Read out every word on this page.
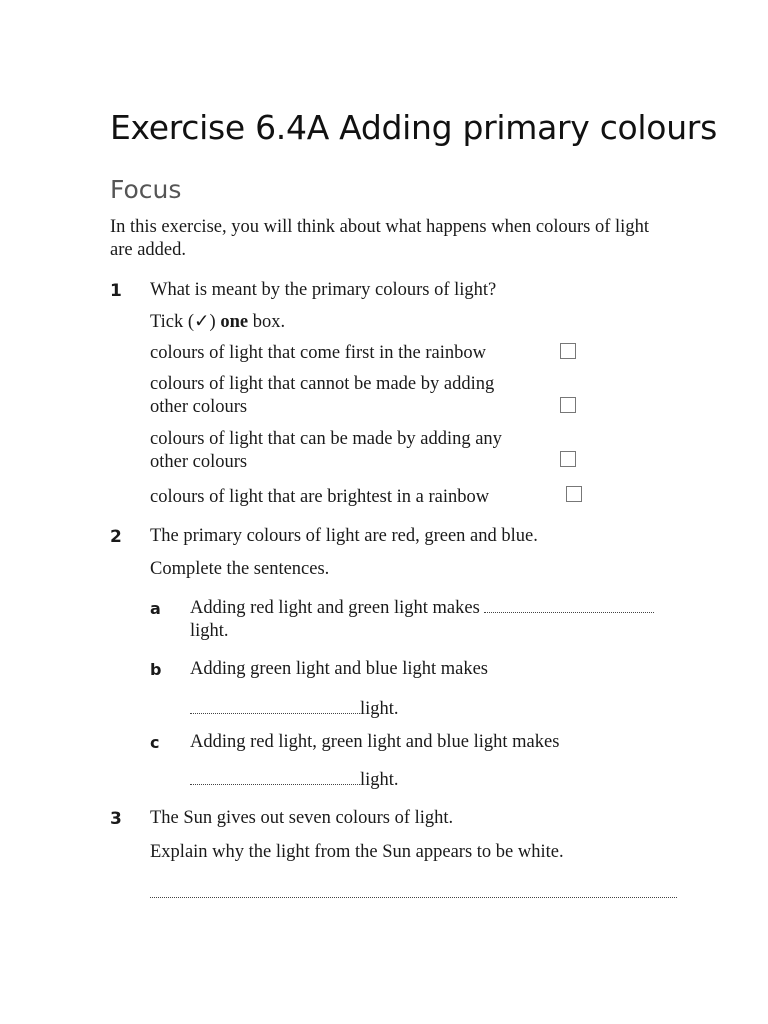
Exercise 6.4A Adding primary colours
Focus

In this exercise, you will think about what happens when colours of light are added.

1 What is meant by the primary colours of light?
Tick (✓) one box.
colours of light that come first in the rainbow
colours of light that cannot be made by adding
other colours
colours of light that can be made by adding any
other colours
colours of light that are brightest in a rainbow
2 The primary colours of light are red, green and blue.
Complete the sentences.
a Adding red light and green light makes
light.
b Adding green light and blue light makes
light.
c Adding red light, green light and blue light makes
light.
3 The Sun gives out seven colours of light.
Explain why the light from the Sun appears to be white.
